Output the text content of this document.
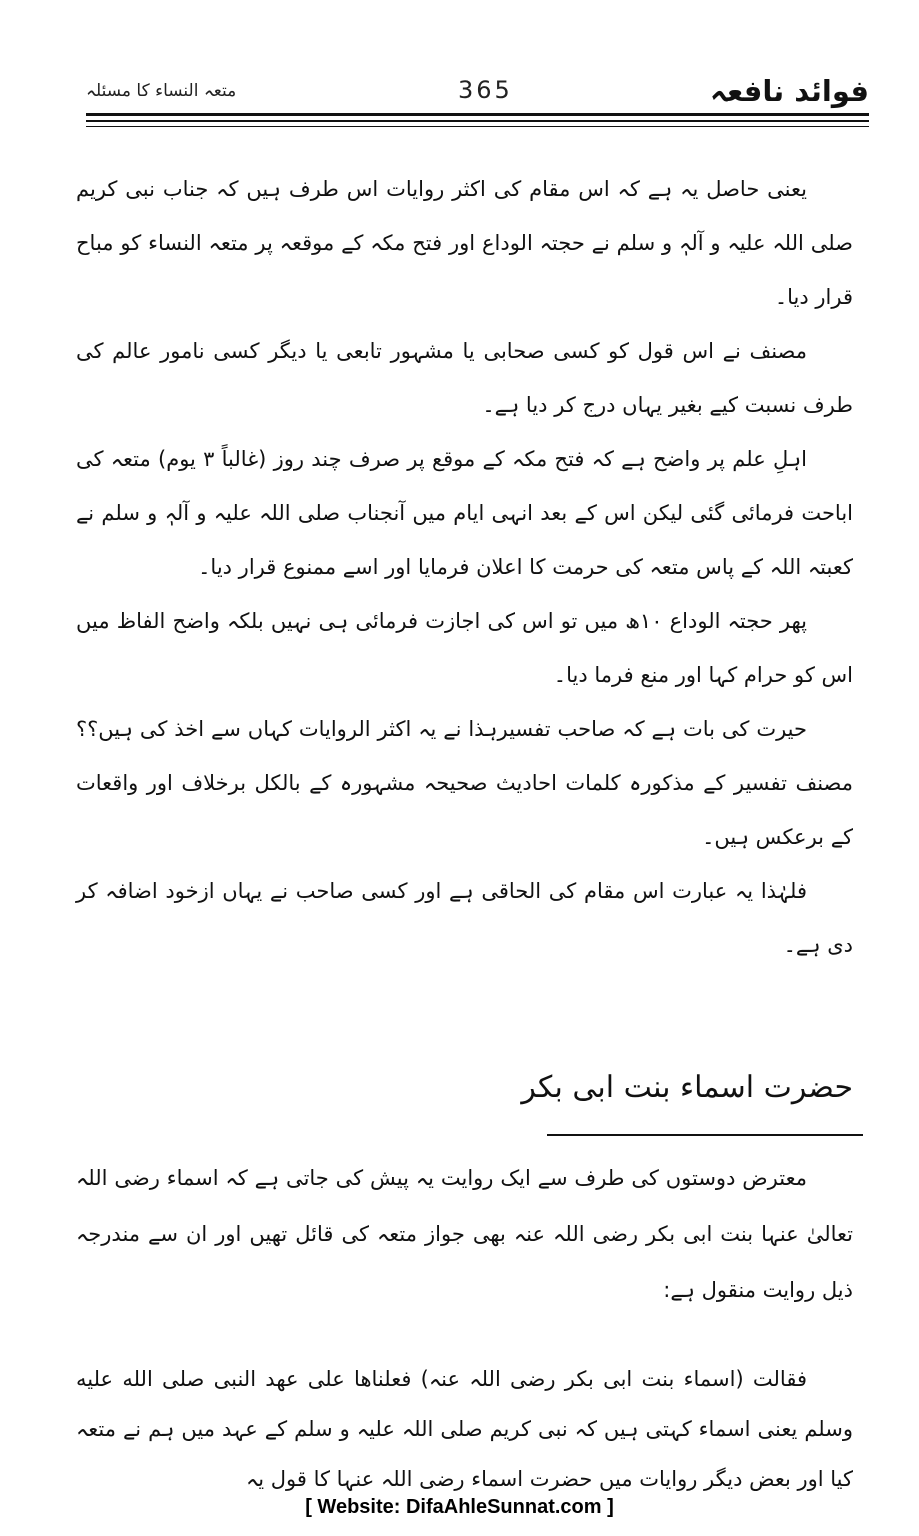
فوائد نافعہ
365
متعہ النساء کا مسئلہ

یعنی حاصل یہ ہے کہ اس مقام کی اکثر روایات اس طرف ہیں کہ جناب نبی کریم صلی اللہ علیہ و آلہٖ و سلم نے حجتہ الوداع اور فتح مکہ کے موقعہ پر متعہ النساء کو مباح قرار دیا۔

مصنف نے اس قول کو کسی صحابی یا مشہور تابعی یا دیگر کسی نامور عالم کی طرف نسبت کیے بغیر یہاں درج کر دیا ہے۔

اہلِ علم پر واضح ہے کہ فتح مکہ کے موقع پر صرف چند روز (غالباً ۳ یوم) متعہ کی اباحت فرمائی گئی لیکن اس کے بعد انہی ایام میں آنجناب صلی اللہ علیہ و آلہٖ و سلم نے کعبتہ اللہ کے پاس متعہ کی حرمت کا اعلان فرمایا اور اسے ممنوع قرار دیا۔

پھر حجتہ الوداع ۱۰ھ میں تو اس کی اجازت فرمائی ہی نہیں بلکہ واضح الفاظ میں اس کو حرام کہا اور منع فرما دیا۔

حیرت کی بات ہے کہ صاحب تفسیرہذا نے یہ اکثر الروایات کہاں سے اخذ کی ہیں؟؟ مصنف تفسیر کے مذکورہ کلمات احادیث صحیحہ مشہورہ کے بالکل برخلاف اور واقعات کے برعکس ہیں۔

فلہٰذا یہ عبارت اس مقام کی الحاقی ہے اور کسی صاحب نے یہاں ازخود اضافہ کر دی ہے۔

حضرت اسماء بنت ابی بکر

معترض دوستوں کی طرف سے ایک روایت یہ پیش کی جاتی ہے کہ اسماء رضی اللہ تعالیٰ عنہا بنت ابی بکر رضی اللہ عنہ بھی جواز متعہ کی قائل تھیں اور ان سے مندرجہ ذیل روایت منقول ہے:

فقالت (اسماء بنت ابی بکر رضی اللہ عنہ) فعلناها علی عهد النبی صلی الله علیه وسلم یعنی اسماء کہتی ہیں کہ نبی کریم صلی اللہ علیہ و سلم کے عہد میں ہم نے متعہ کیا اور بعض دیگر روایات میں حضرت اسماء رضی اللہ عنہا کا قول یہ

[ Website: DifaAhleSunnat.com ]
